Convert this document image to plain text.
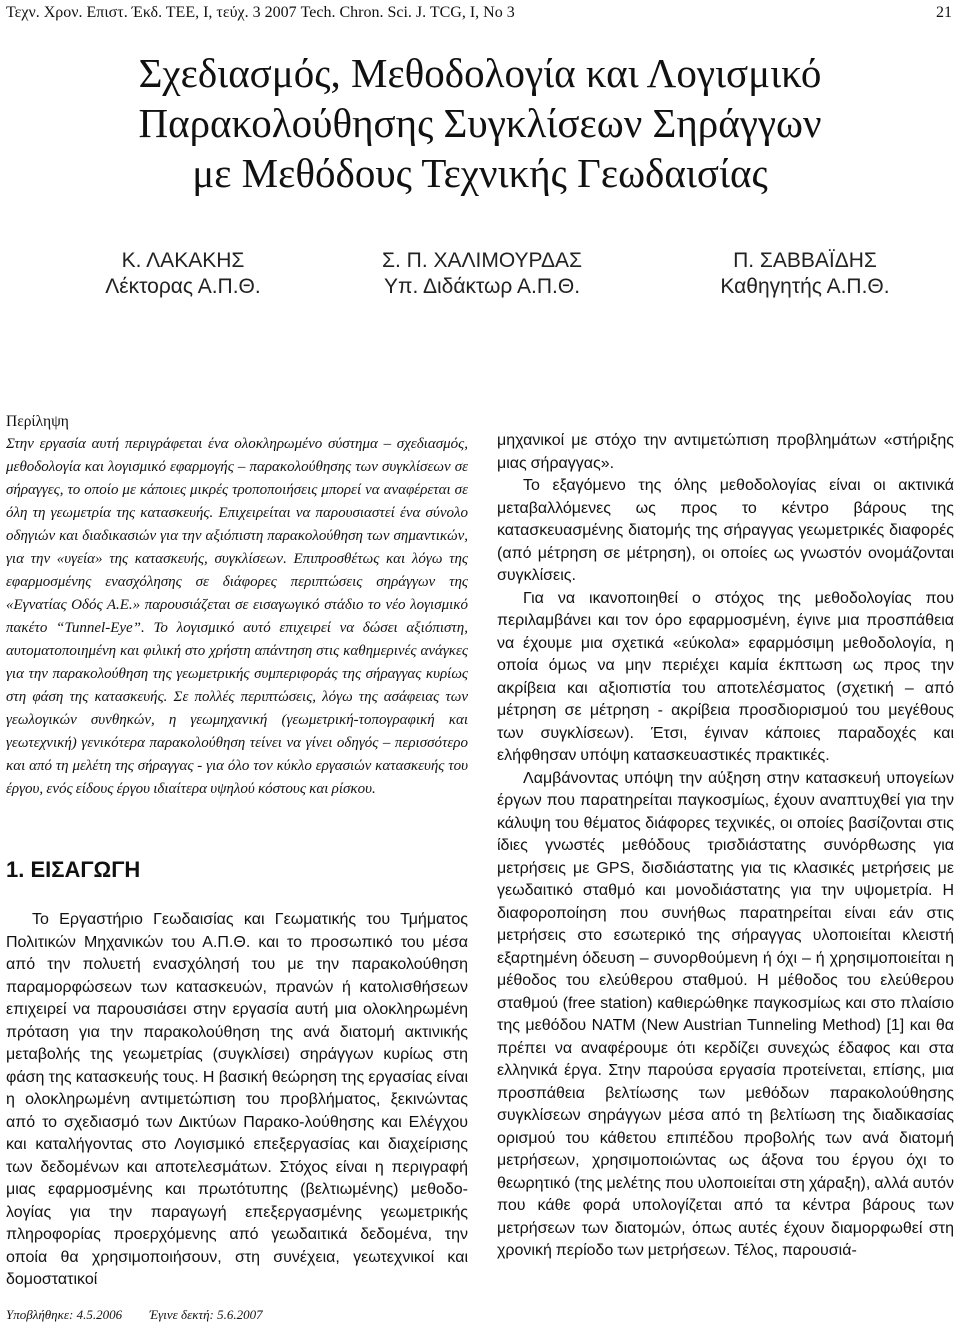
Τεχν. Χρον. Επιστ. Έκδ. ΤΕΕ, Ι, τεύχ. 3 2007 Tech. Chron. Sci. J. TCG, I, No 3	21
Σχεδιασμός, Μεθοδολογία και Λογισμικό
Παρακολούθησης Συγκλίσεων Σηράγγων
με Μεθόδους Τεχνικής Γεωδαισίας
Κ. ΛΑΚΑΚΗΣ
Λέκτορας Α.Π.Θ.
Σ. Π. ΧΑΛΙΜΟΥΡΔΑΣ
Υπ. Διδάκτωρ Α.Π.Θ.
Π. ΣΑΒΒΑΪΔΗΣ
Καθηγητής Α.Π.Θ.
Περίληψη

Στην εργασία αυτή περιγράφεται ένα ολοκληρωμένο σύστημα – σχεδιασμός, μεθοδολογία και λογισμικό εφαρμογής – παρακολούθησης των συγκλίσεων σε σήραγγες, το οποίο με κάποιες μικρές τροποποιήσεις μπορεί να αναφέρεται σε όλη τη γεωμετρία της κατασκευής. Επιχειρείται να παρουσιαστεί ένα σύνολο οδηγιών και διαδικασιών για την αξιόπιστη παρακολούθηση των σημαντικών, για την «υγεία» της κατασκευής, συγκλίσεων. Επιπροσθέτως και λόγω της εφαρμοσμένης ενασχόλησης σε διάφορες περιπτώσεις σηράγγων της «Εγνατίας Οδός Α.Ε.» παρουσιάζεται σε εισαγωγικό στάδιο το νέο λογισμικό πακέτο “Tunnel-Eye”. Το λογισμικό αυτό επιχειρεί να δώσει αξιόπιστη, αυτοματοποιημένη και φιλική στο χρήστη απάντηση στις καθημερινές ανάγκες για την παρακολούθηση της γεωμετρικής συμπεριφοράς της σήραγγας κυρίως στη φάση της κατασκευής. Σε πολλές περιπτώσεις, λόγω της ασάφειας των γεωλογικών συνθηκών, η γεωμηχανική (γεωμετρική-τοπογραφική και γεωτεχνική) γενικότερα παρακολούθηση τείνει να γίνει οδηγός – περισσότερο και από τη μελέτη της σήραγγας - για όλο τον κύκλο εργασιών κατασκευής του έργου, ενός είδους έργου ιδιαίτερα υψηλού κόστους και ρίσκου.

1. ΕΙΣΑΓΩΓΗ

Το Εργαστήριο Γεωδαισίας και Γεωματικής του Τμήματος Πολιτικών Μηχανικών του Α.Π.Θ. και το προσωπικό του μέσα από την πολυετή ενασχόλησή του με την παρακολούθηση παραμορφώσεων των κατασκευών, πρανών ή κατολισθήσεων επιχειρεί να παρουσιάσει στην εργασία αυτή μια ολοκληρωμένη πρόταση για την παρακολούθηση της ανά διατομή ακτινικής μεταβολής της γεωμετρίας (συγκλίσει) σηράγγων κυρίως στη φάση της κατασκευής τους. Η βασική θεώρηση της εργασίας είναι η ολοκληρωμένη αντιμετώπιση του προβλήματος, ξεκινώντας από το σχεδιασμό των Δικτύων Παρακο-λούθησης και Ελέγχου και καταλήγοντας στο Λογισμικό επεξεργασίας και διαχείρισης των δεδομένων και αποτελεσμάτων. Στόχος είναι η περιγραφή μιας εφαρμοσμένης και πρωτότυπης (βελτιωμένης) μεθοδο-λογίας για την παραγωγή επεξεργασμένης γεωμετρικής πληροφορίας προερχόμενης από γεωδαιτικά δεδομένα, την οποία θα χρησιμοποιήσουν, στη συνέχεια, γεωτεχνικοί και δομοστατικοί

μηχανικοί με στόχο την αντιμετώπιση προβλημάτων «στήριξης μιας σήραγγας».

Το εξαγόμενο της όλης μεθοδολογίας είναι οι ακτινικά μεταβαλλόμενες ως προς το κέντρο βάρους της κατασκευασμένης διατομής της σήραγγας γεωμετρικές διαφορές (από μέτρηση σε μέτρηση), οι οποίες ως γνωστόν ονομάζονται συγκλίσεις.

Για να ικανοποιηθεί ο στόχος της μεθοδολογίας που περιλαμβάνει και τον όρο εφαρμοσμένη, έγινε μια προσπάθεια να έχουμε μια σχετικά «εύκολα» εφαρμόσιμη μεθοδολογία, η οποία όμως να μην περιέχει καμία έκπτωση ως προς την ακρίβεια και αξιοπιστία του αποτελέσματος (σχετική – από μέτρηση σε μέτρηση - ακρίβεια προσδιορισμού του μεγέθους των συγκλίσεων). Έτσι, έγιναν κάποιες παραδοχές και ελήφθησαν υπόψη κατασκευαστικές πρακτικές.

Λαμβάνοντας υπόψη την αύξηση στην κατασκευή υπογείων έργων που παρατηρείται παγκοσμίως, έχουν αναπτυχθεί για την κάλυψη του θέματος διάφορες τεχνικές, οι οποίες βασίζονται στις ίδιες γνωστές μεθόδους τρισδιάστατης συνόρθωσης για μετρήσεις με GPS, δισδιάστατης για τις κλασικές μετρήσεις με γεωδαιτικό σταθμό και μονοδιάστατης για την υψομετρία. Η διαφοροποίηση που συνήθως παρατηρείται είναι εάν στις μετρήσεις στο εσωτερικό της σήραγγας υλοποιείται κλειστή εξαρτημένη όδευση – συνορθούμενη ή όχι – ή χρησιμοποιείται η μέθοδος του ελεύθερου σταθμού. Η μέθοδος του ελεύθερου σταθμού (free station) καθιερώθηκε παγκοσμίως και στο πλαίσιο της μεθόδου NATM (New Austrian Tunneling Method) [1] και θα πρέπει να αναφέρουμε ότι κερδίζει συνεχώς έδαφος και στα ελληνικά έργα. Στην παρούσα εργασία προτείνεται, επίσης, μια προσπάθεια βελτίωσης των μεθόδων παρακολούθησης συγκλίσεων σηράγγων μέσα από τη βελτίωση της διαδικασίας ορισμού του κάθετου επιπέδου προβολής των ανά διατομή μετρήσεων, χρησιμοποιώντας ως άξονα του έργου όχι το θεωρητικό (της μελέτης που υλοποιείται στη χάραξη), αλλά αυτόν που κάθε φορά υπολογίζεται από τα κέντρα βάρους των μετρήσεων των διατομών, όπως αυτές έχουν διαμορφωθεί στη χρονική περίοδο των μετρήσεων. Τέλος, παρουσιά-

Υποβλήθηκε: 4.5.2006 Έγινε δεκτή: 5.6.2007
